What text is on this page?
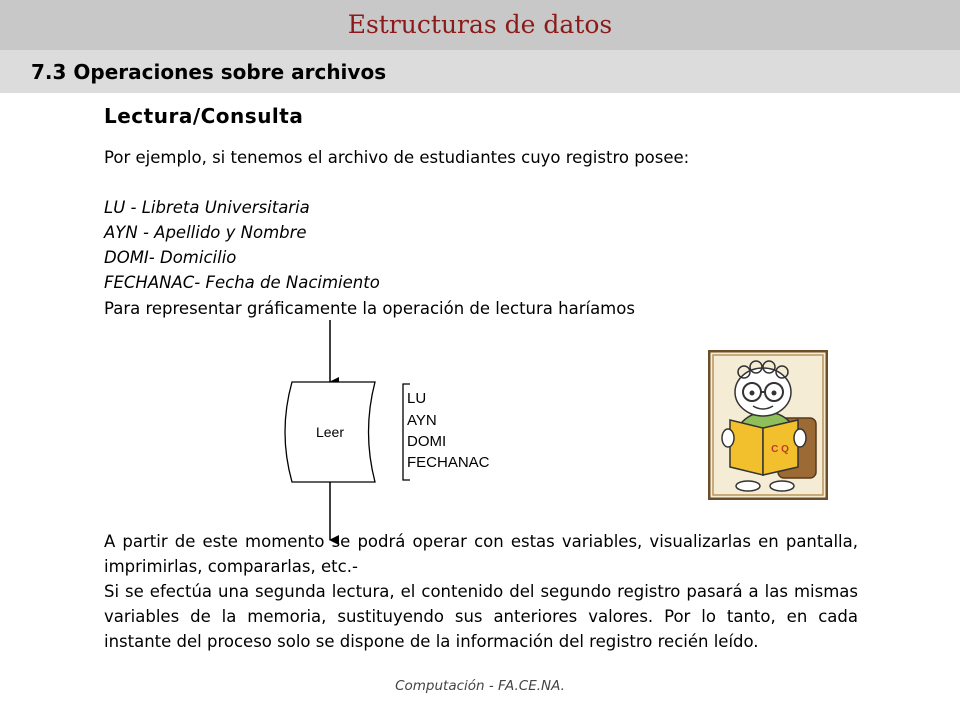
Estructuras de datos
7.3 Operaciones sobre archivos
Lectura/Consulta

Por ejemplo, si tenemos el archivo de estudiantes cuyo registro posee:

LU - Libreta Universitaria
AYN - Apellido y Nombre
DOMI- Domicilio
FECHANAC- Fecha de Nacimiento

Para representar gráficamente la operación de lectura haríamos

Leer
LU
AYN
DOMI
FECHANAC
C Q

A partir de este momento se podrá operar con estas variables, visualizarlas en pantalla, imprimirlas, compararlas, etc.-

Si se efectúa una segunda lectura, el contenido del segundo registro pasará a las mismas variables de la memoria, sustituyendo sus anteriores valores. Por lo tanto, en cada instante del proceso solo se dispone de la información del registro recién leído.

Computación - FA.CE.NA.
